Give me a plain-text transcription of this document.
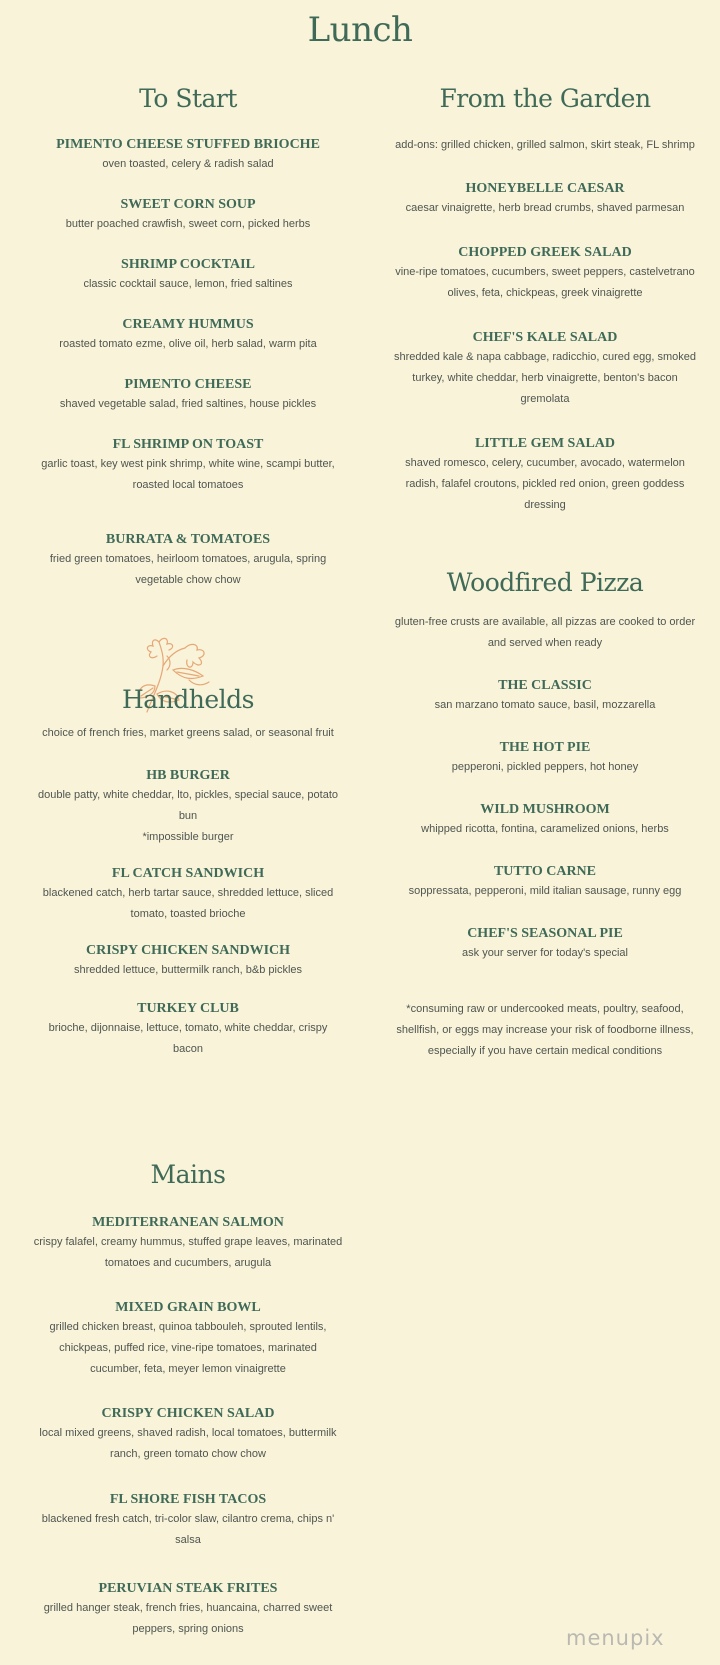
Lunch
To Start
PIMENTO CHEESE STUFFED BRIOCHE
oven toasted, celery & radish salad
SWEET CORN SOUP
butter poached crawfish, sweet corn, picked herbs
SHRIMP COCKTAIL
classic cocktail sauce, lemon, fried saltines
CREAMY HUMMUS
roasted tomato ezme, olive oil, herb salad, warm pita
PIMENTO CHEESE
shaved vegetable salad, fried saltines, house pickles
FL SHRIMP ON TOAST
garlic toast, key west pink shrimp, white wine, scampi butter,
roasted local tomatoes
BURRATA & TOMATOES
fried green tomatoes, heirloom tomatoes, arugula, spring
vegetable chow chow
Handhelds
choice of french fries, market greens salad, or seasonal fruit
HB BURGER
double patty, white cheddar, lto, pickles, special sauce, potato
bun
*impossible burger
FL CATCH SANDWICH
blackened catch, herb tartar sauce, shredded lettuce, sliced
tomato, toasted brioche
CRISPY CHICKEN SANDWICH
shredded lettuce, buttermilk ranch, b&b pickles
TURKEY CLUB
brioche, dijonnaise, lettuce, tomato, white cheddar, crispy
bacon
Mains
MEDITERRANEAN SALMON
crispy falafel, creamy hummus, stuffed grape leaves, marinated
tomatoes and cucumbers, arugula
MIXED GRAIN BOWL
grilled chicken breast, quinoa tabbouleh, sprouted lentils,
chickpeas, puffed rice, vine-ripe tomatoes, marinated
cucumber, feta, meyer lemon vinaigrette
CRISPY CHICKEN SALAD
local mixed greens, shaved radish, local tomatoes, buttermilk
ranch, green tomato chow chow
FL SHORE FISH TACOS
blackened fresh catch, tri-color slaw, cilantro crema, chips n'
salsa
PERUVIAN STEAK FRITES
grilled hanger steak, french fries, huancaina, charred sweet
peppers, spring onions
From the Garden
add-ons: grilled chicken, grilled salmon, skirt steak, FL shrimp
HONEYBELLE CAESAR
caesar vinaigrette, herb bread crumbs, shaved parmesan
CHOPPED GREEK SALAD
vine-ripe tomatoes, cucumbers, sweet peppers, castelvetrano
olives, feta, chickpeas, greek vinaigrette
CHEF'S KALE SALAD
shredded kale & napa cabbage, radicchio, cured egg, smoked
turkey, white cheddar, herb vinaigrette, benton's bacon
gremolata
LITTLE GEM SALAD
shaved romesco, celery, cucumber, avocado, watermelon
radish, falafel croutons, pickled red onion, green goddess
dressing
Woodfired Pizza
gluten-free crusts are available, all pizzas are cooked to order
and served when ready
THE CLASSIC
san marzano tomato sauce, basil, mozzarella
THE HOT PIE
pepperoni, pickled peppers, hot honey
WILD MUSHROOM
whipped ricotta, fontina, caramelized onions, herbs
TUTTO CARNE
soppressata, pepperoni, mild italian sausage, runny egg
CHEF'S SEASONAL PIE
ask your server for today's special
*consuming raw or undercooked meats, poultry, seafood,
shellfish, or eggs may increase your risk of foodborne illness,
especially if you have certain medical conditions
menupix
